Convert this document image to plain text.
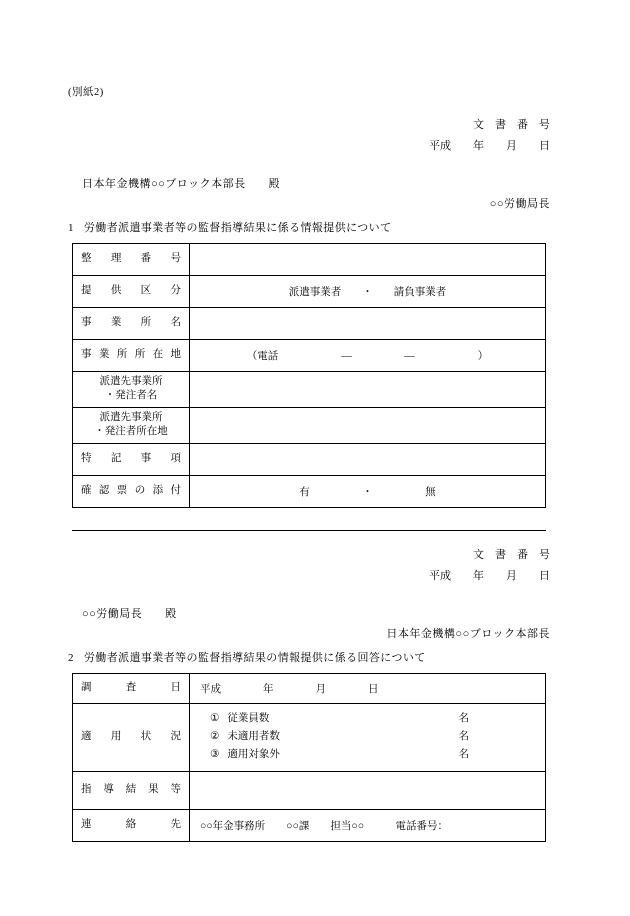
(別紙2)
文　書　番　号
平成　　年　　月　　日
日本年金機構○○ブロック本部長　　殿
○○労働局長
1 労働者派遣事業者等の監督指導結果に係る情報提供について
整理番号	

提供区分	派遣事業者　　・　　請負事業者

事業所名	

事業所所在地	（電話　　　　　　―　　　　　―　　　　　　）

派遣先事業所
・発注者名	

派遣先事業所
・発注者所在地	

特記事項	

確認票の添付	有　　　　　・　　　　　無
文　書　番　号
平成　　年　　月　　日
○○労働局長　　殿
日本年金機構○○ブロック本部長
2 労働者派遣事業者等の監督指導結果の情報提供に係る回答について
調査日	平成　　　　年　　　　月　　　　日

適用状況

① 従業員数	名
② 未適用者数	名
③ 適用対象外	名

指導結果等	

連絡先	○○年金事務所　　○○課　　担当○○　　　電話番号：
